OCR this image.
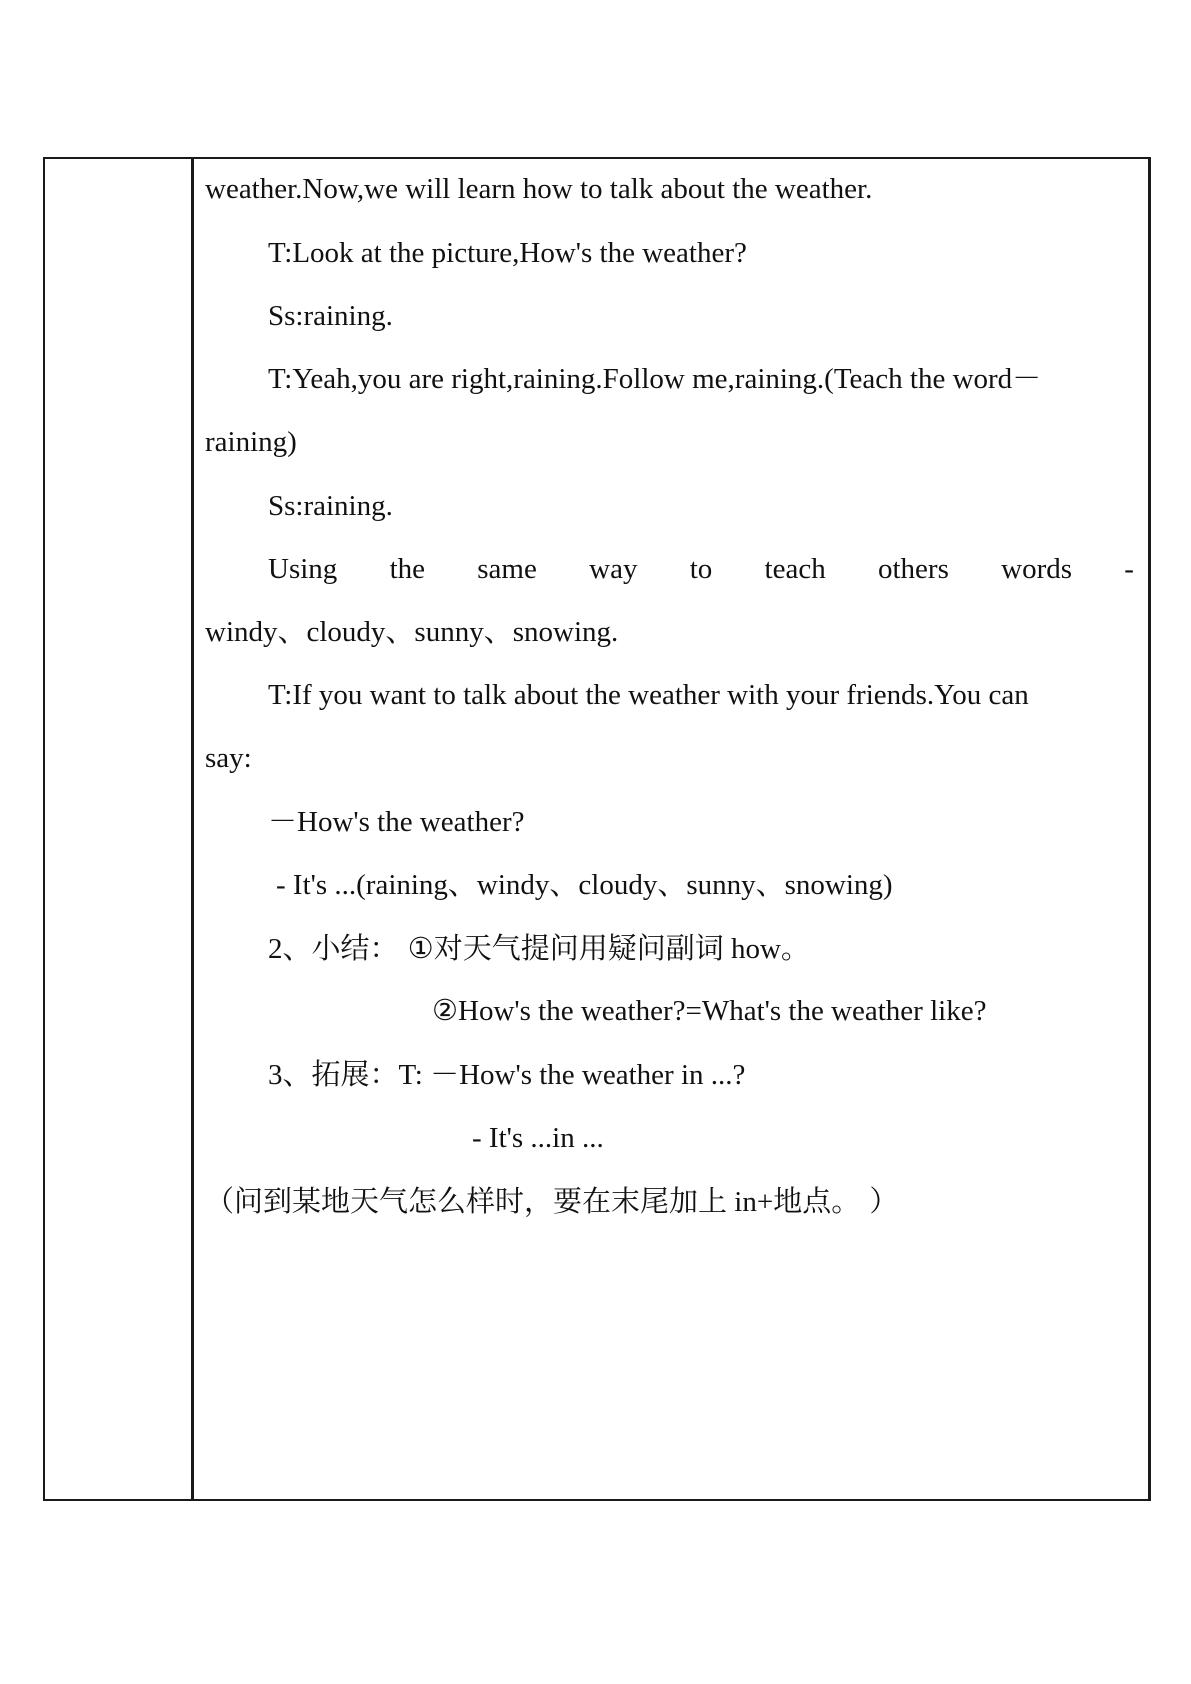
weather.Now,we will learn how to talk about the weather.
T:Look at the picture,How's the weather?
Ss:raining.
T:Yeah,you are right,raining.Follow me,raining.(Teach the word－
raining)
Ss:raining.
Using the same way to teach others words -
windy、cloudy、sunny、snowing.
T:If you want to talk about the weather with your friends.You can
say:
－How's the weather?
- It's ...(raining、windy、cloudy、sunny、snowing)
2、小结： ①对天气提问用疑问副词 how。
②How's the weather?=What's the weather like?
3、拓展：T: －How's the weather in ...?
- It's ...in ...
（问到某地天气怎么样时，要在末尾加上 in+地点。 ）
